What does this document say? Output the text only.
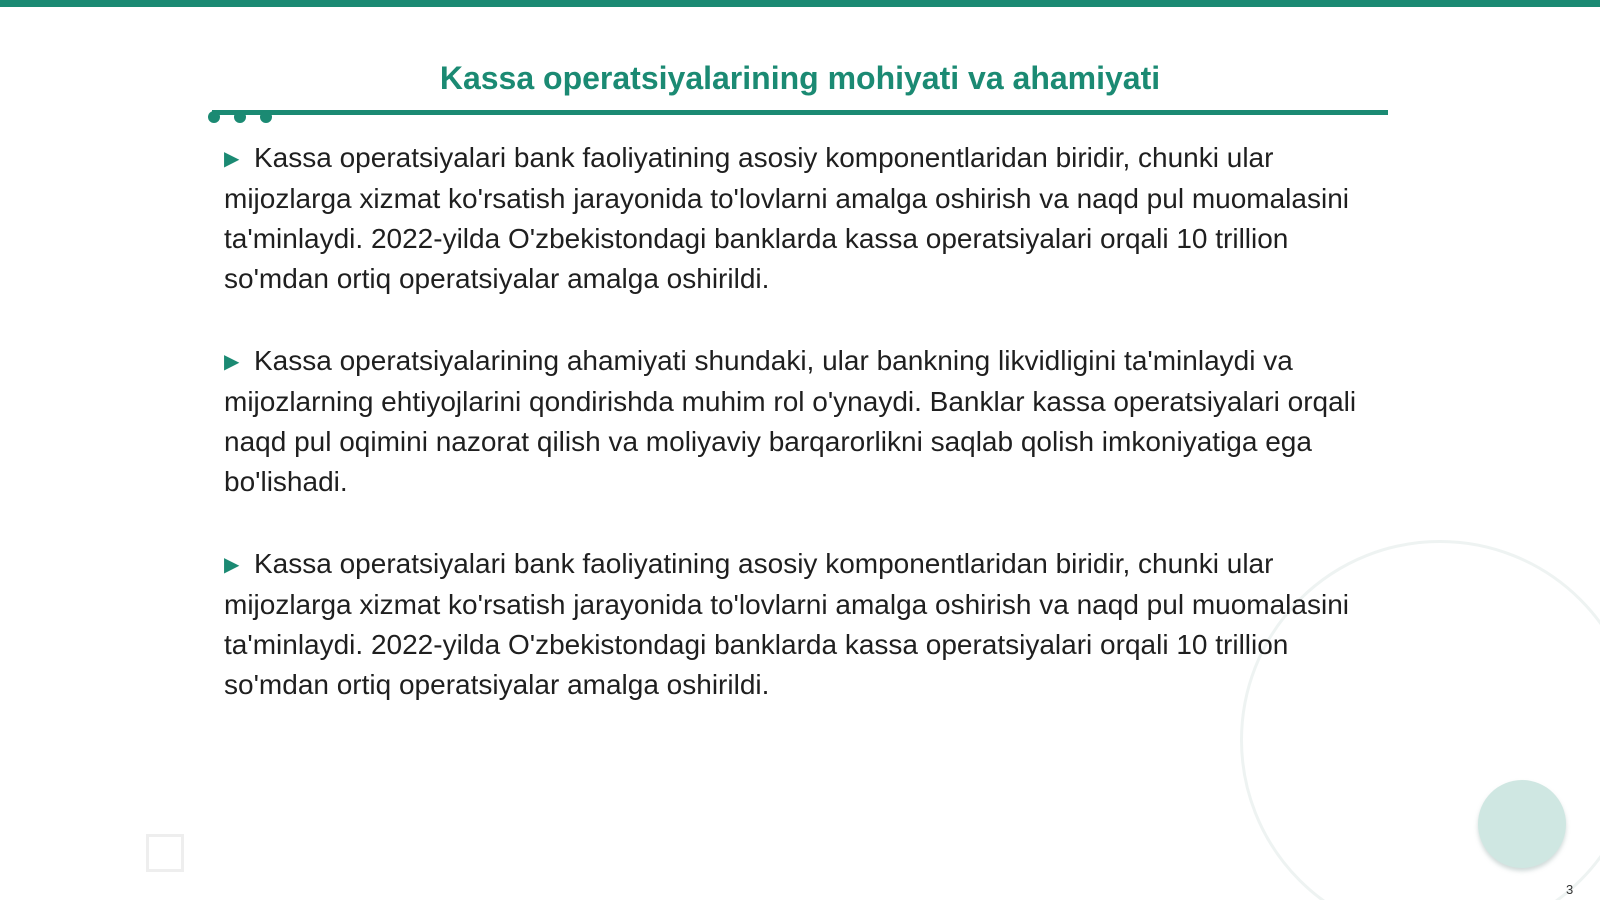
Kassa operatsiyalarining mohiyati va ahamiyati

▶ Kassa operatsiyalari bank faoliyatining asosiy komponentlaridan biridir, chunki ular mijozlarga xizmat ko'rsatish jarayonida to'lovlarni amalga oshirish va naqd pul muomalasini ta'minlaydi. 2022-yilda O'zbekistondagi banklarda kassa operatsiyalari orqali 10 trillion so'mdan ortiq operatsiyalar amalga oshirildi.

▶ Kassa operatsiyalarining ahamiyati shundaki, ular bankning likvidligini ta'minlaydi va mijozlarning ehtiyojlarini qondirishda muhim rol o'ynaydi. Banklar kassa operatsiyalari orqali naqd pul oqimini nazorat qilish va moliyaviy barqarorlikni saqlab qolish imkoniyatiga ega bo'lishadi.

▶ Kassa operatsiyalari bank faoliyatining asosiy komponentlaridan biridir, chunki ular mijozlarga xizmat ko'rsatish jarayonida to'lovlarni amalga oshirish va naqd pul muomalasini ta'minlaydi. 2022-yilda O'zbekistondagi banklarda kassa operatsiyalari orqali 10 trillion so'mdan ortiq operatsiyalar amalga oshirildi.

3
